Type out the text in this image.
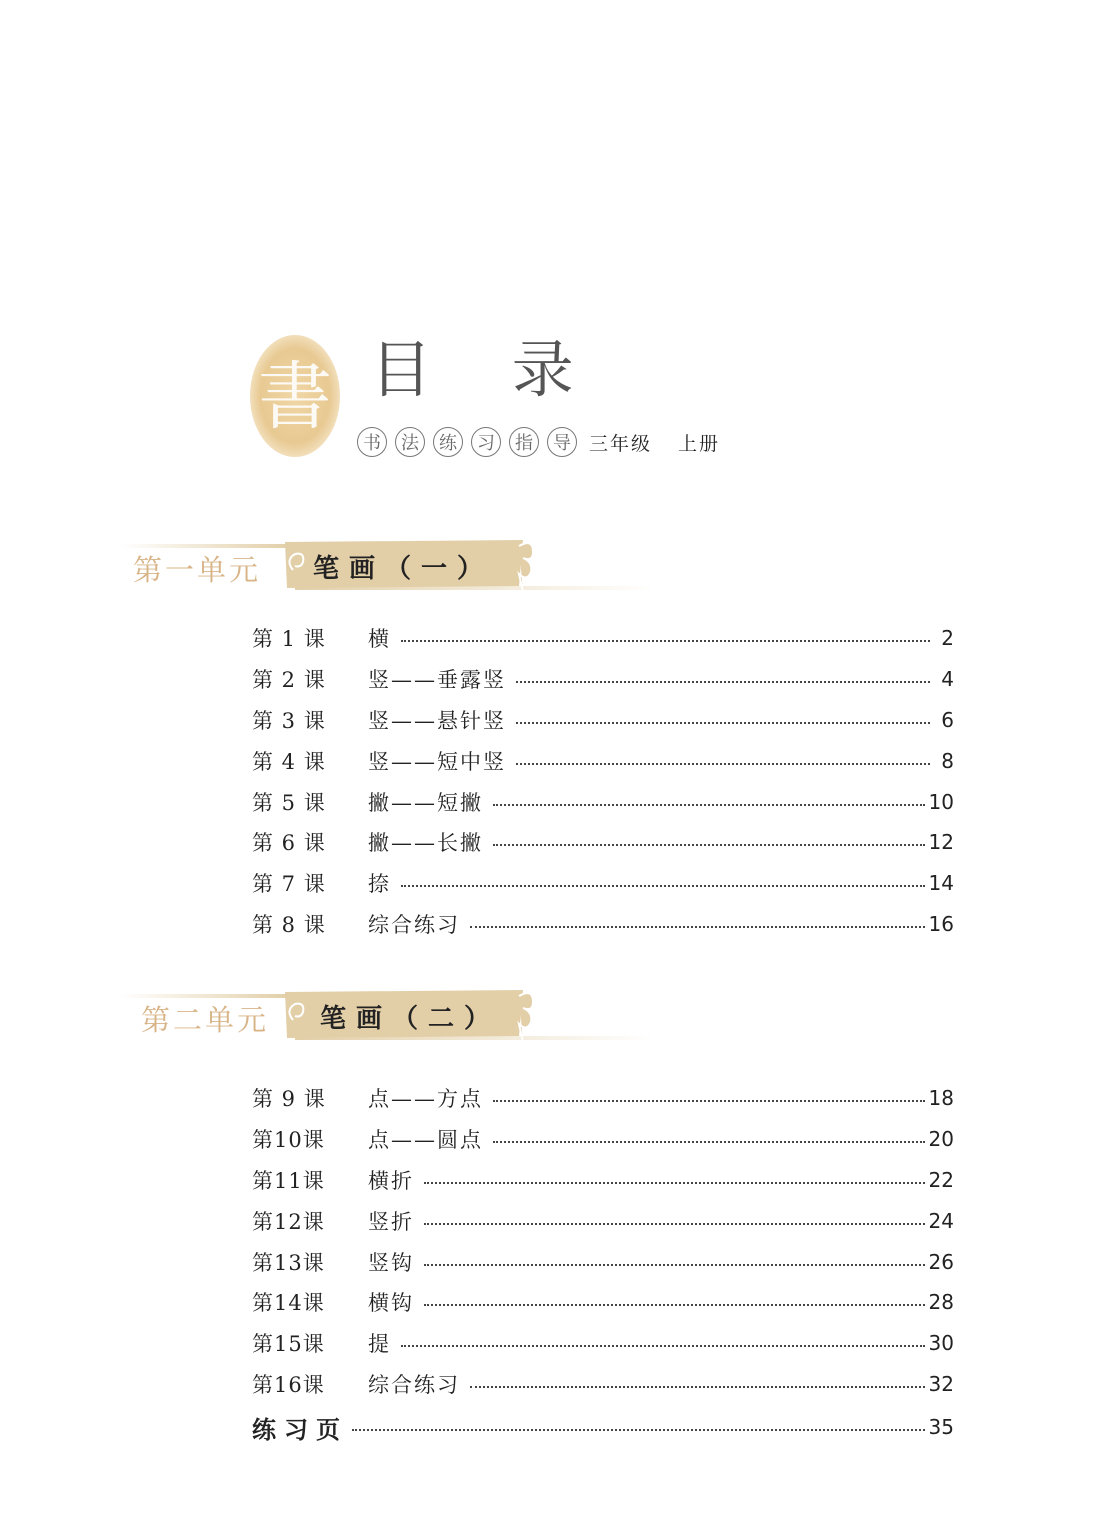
書 目 录
书	法	练	习	指	导 三年级 上册
第一单元 笔画（一）
第 1 课	横	2
第 2 课	竖——垂露竖	4
第 3 课	竖——悬针竖	6
第 4 课	竖——短中竖	8
第 5 课	撇——短撇	10
第 6 课	撇——长撇	12
第 7 课	捺	14
第 8 课	综合练习	16
第二单元 笔画（二）
第 9 课	点——方点	18
第10课	点——圆点	20
第11课	横折	22
第12课	竖折	24
第13课	竖钩	26
第14课	横钩	28
第15课	提	30
第16课	综合练习	32
练习页	35
